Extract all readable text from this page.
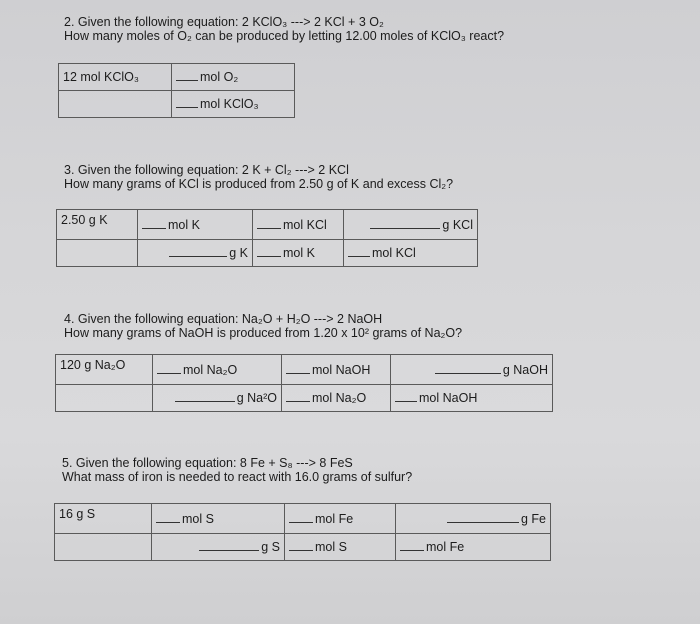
2. Given the following equation: 2 KClO₃ ---> 2 KCl + 3 O₂
How many moles of O₂ can be produced by letting 12.00 moles of KClO₃ react?
12 mol KClO₃	mol O₂
	mol KClO₃
3. Given the following equation: 2 K + Cl₂ ---> 2 KCl
How many grams of KCl is produced from 2.50 g of K and excess Cl₂?
2.50 g K	mol K	mol KCl	g KCl
	g K	mol K	mol KCl
4. Given the following equation: Na₂O + H₂O ---> 2 NaOH
How many grams of NaOH is produced from 1.20 x 10² grams of Na₂O?
120 g Na₂O	mol Na₂O	mol NaOH	g NaOH
	g Na²O	mol Na₂O	mol NaOH
5. Given the following equation: 8 Fe + S₈ ---> 8 FeS
What mass of iron is needed to react with 16.0 grams of sulfur?
16 g S	mol S	mol Fe	g Fe
	g S	mol S	mol Fe
